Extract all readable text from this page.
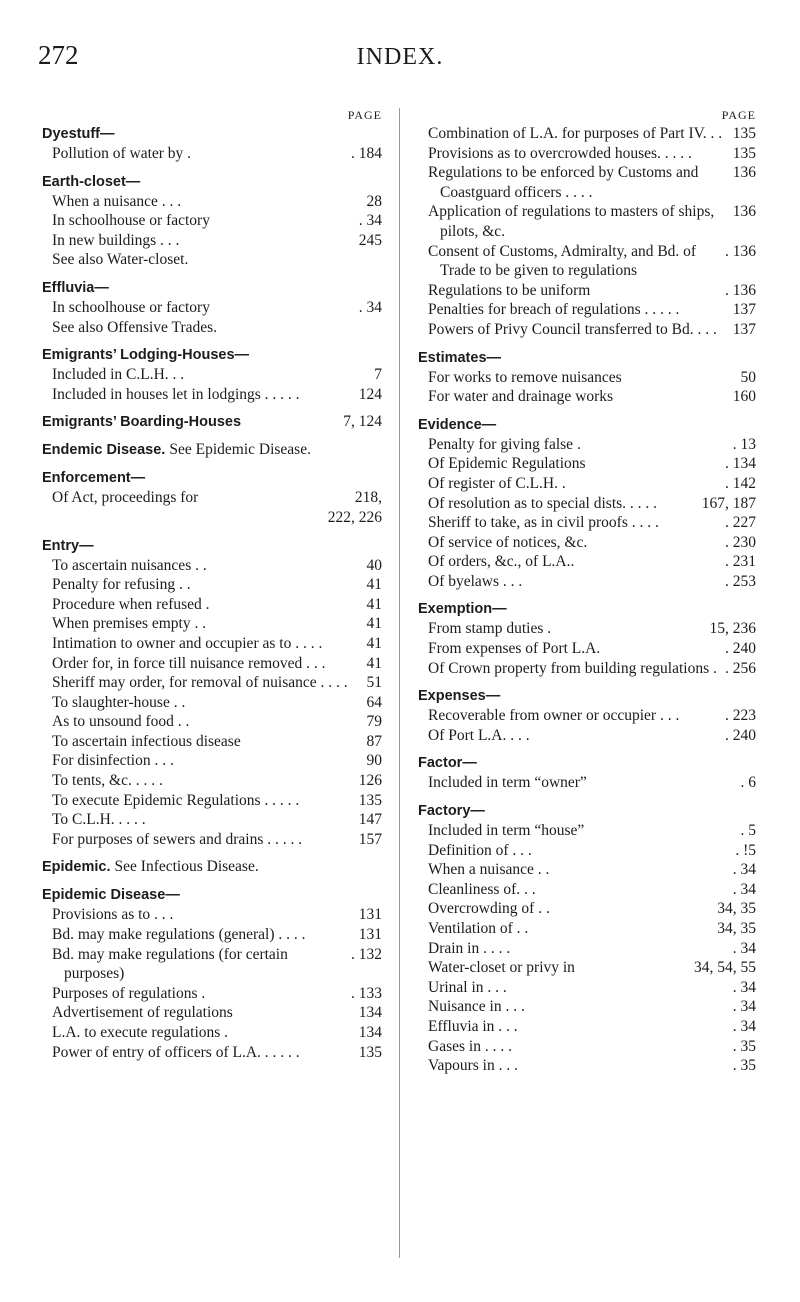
272	INDEX.
PAGE
Dyestuff—
Pollution of water by .	. 184
Earth-closet—
When a nuisance . . .	28
In schoolhouse or factory	. 34
In new buildings . . .	245
See also Water-closet.
Effluvia—
In schoolhouse or factory	. 34
See also Offensive Trades.
Emigrants’ Lodging-Houses—
Included in C.L.H. . .	7
Included in houses let in lodgings . . . . .	124
Emigrants’ Boarding-Houses	7, 124
Endemic Disease. See Epidemic Disease.
Enforcement—
Of Act, proceedings for	218,
222, 226
Entry—
To ascertain nuisances . .	40
Penalty for refusing . .	41
Procedure when refused .	41
When premises empty . .	41
Intimation to owner and occupier as to . . . .	41
Order for, in force till nuisance removed . . .	41
Sheriff may order, for removal of nuisance . . . .	51
To slaughter-house . .	64
As to unsound food . .	79
To ascertain infectious disease	87
For disinfection . . .	90
To tents, &c. . . . .	126
To execute Epidemic Regulations . . . . .	135
To C.L.H. . . . .	147
For purposes of sewers and drains . . . . .	157
Epidemic. See Infectious Disease.
Epidemic Disease—
Provisions as to . . .	131
Bd. may make regulations (general) . . . .	131
Bd. may make regulations (for certain purposes)
. 132
Purposes of regulations .	. 133
Advertisement of regulations	134
L.A. to execute regulations .	134
Power of entry of officers of L.A. . . . . .	135
PAGE
Combination of L.A. for purposes of Part IV. . . 135
Provisions as to overcrowded houses. . . . .	135
Regulations to be enforced by Customs and Coastguard officers . . . .
136
Application of regulations to masters of ships, pilots, &c.
136
Consent of Customs, Admiralty, and Bd. of Trade to be given to regulations
. 136
Regulations to be uniform	. 136
Penalties for breach of regulations . . . . .	137
Powers of Privy Council transferred to Bd. . . .	137
Estimates—
For works to remove nuisances	50
For water and drainage works	160
Evidence—
Penalty for giving false .	. 13
Of Epidemic Regulations	. 134
Of register of C.L.H. .	. 142
Of resolution as to special dists. . . . .	167, 187
Sheriff to take, as in civil proofs . . . .	. 227
Of service of notices, &c.	. 230
Of orders, &c., of L.A..	. 231
Of byelaws . . .	. 253
Exemption—
From stamp duties .	15, 236
From expenses of Port L.A.	. 240
Of Crown property from building regulations . . 256
Expenses—
Recoverable from owner or occupier . . .	. 223
Of Port L.A. . . .	. 240
Factor—
Included in term “owner”	. 6
Factory—
Included in term “house”	. 5
Definition of . . .	. !5
When a nuisance . .	. 34
Cleanliness of. . .	. 34
Overcrowding of . .	34, 35
Ventilation of . .	34, 35
Drain in . . . .	. 34
Water-closet or privy in	34, 54, 55
Urinal in . . .	. 34
Nuisance in . . .	. 34
Effluvia in . . .	. 34
Gases in . . . .	. 35
Vapours in . . .	. 35
